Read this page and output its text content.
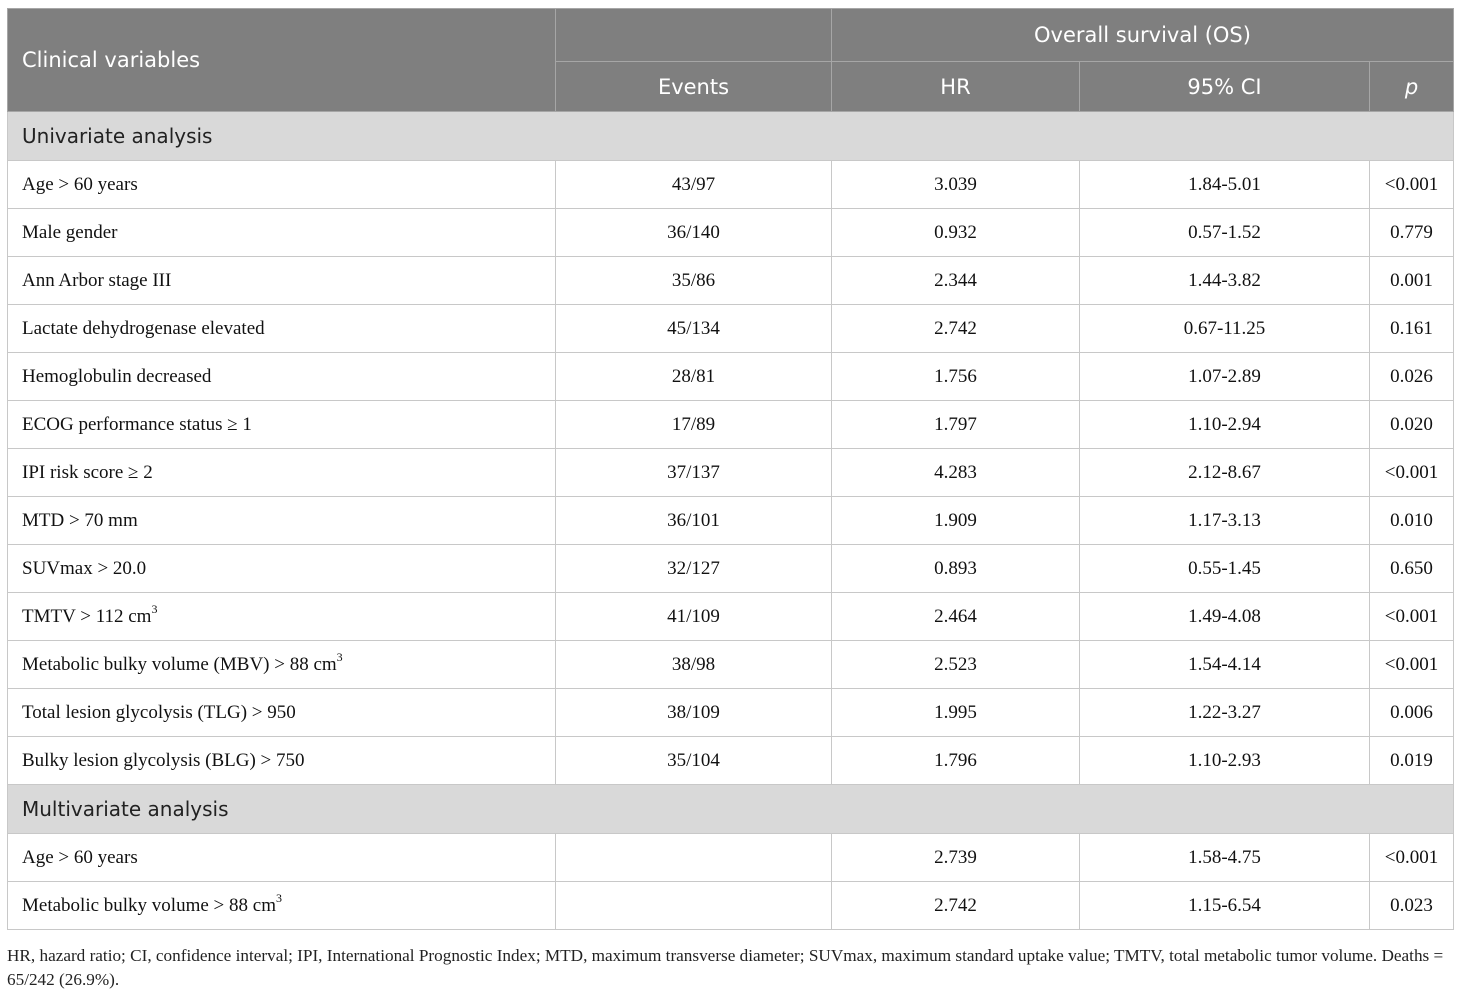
Clinical variables		Overall survival (OS)		
	Events	HR	95% CI	p
Univariate analysis				
Age > 60 years	43/97	3.039	1.84-5.01	<0.001
Male gender	36/140	0.932	0.57-1.52	0.779
Ann Arbor stage III	35/86	2.344	1.44-3.82	0.001
Lactate dehydrogenase elevated	45/134	2.742	0.67-11.25	0.161
Hemoglobulin decreased	28/81	1.756	1.07-2.89	0.026
ECOG performance status ≥ 1	17/89	1.797	1.10-2.94	0.020
IPI risk score ≥ 2	37/137	4.283	2.12-8.67	<0.001
MTD > 70 mm	36/101	1.909	1.17-3.13	0.010
SUVmax > 20.0	32/127	0.893	0.55-1.45	0.650
TMTV > 112 $cm^3$	41/109	2.464	1.49-4.08	<0.001
Metabolic bulky volume (MBV) > 88 $cm^3$	38/98	2.523	1.54-4.14	<0.001
Total lesion glycolysis (TLG) > 950	38/109	1.995	1.22-3.27	0.006
Bulky lesion glycolysis (BLG) > 750	35/104	1.796	1.10-2.93	0.019
Multivariate analysis				
Age > 60 years		2.739	1.58-4.75	<0.001
Metabolic bulky volume > 88 $cm^3$		2.742	1.15-6.54	0.023
HR, hazard ratio; CI, confidence interval; IPI, International Prognostic Index; MTD, maximum transverse diameter; SUVmax, maximum standard uptake value; TMTV, total metabolic tumor volume. Deaths = 65/242 (26.9%).
